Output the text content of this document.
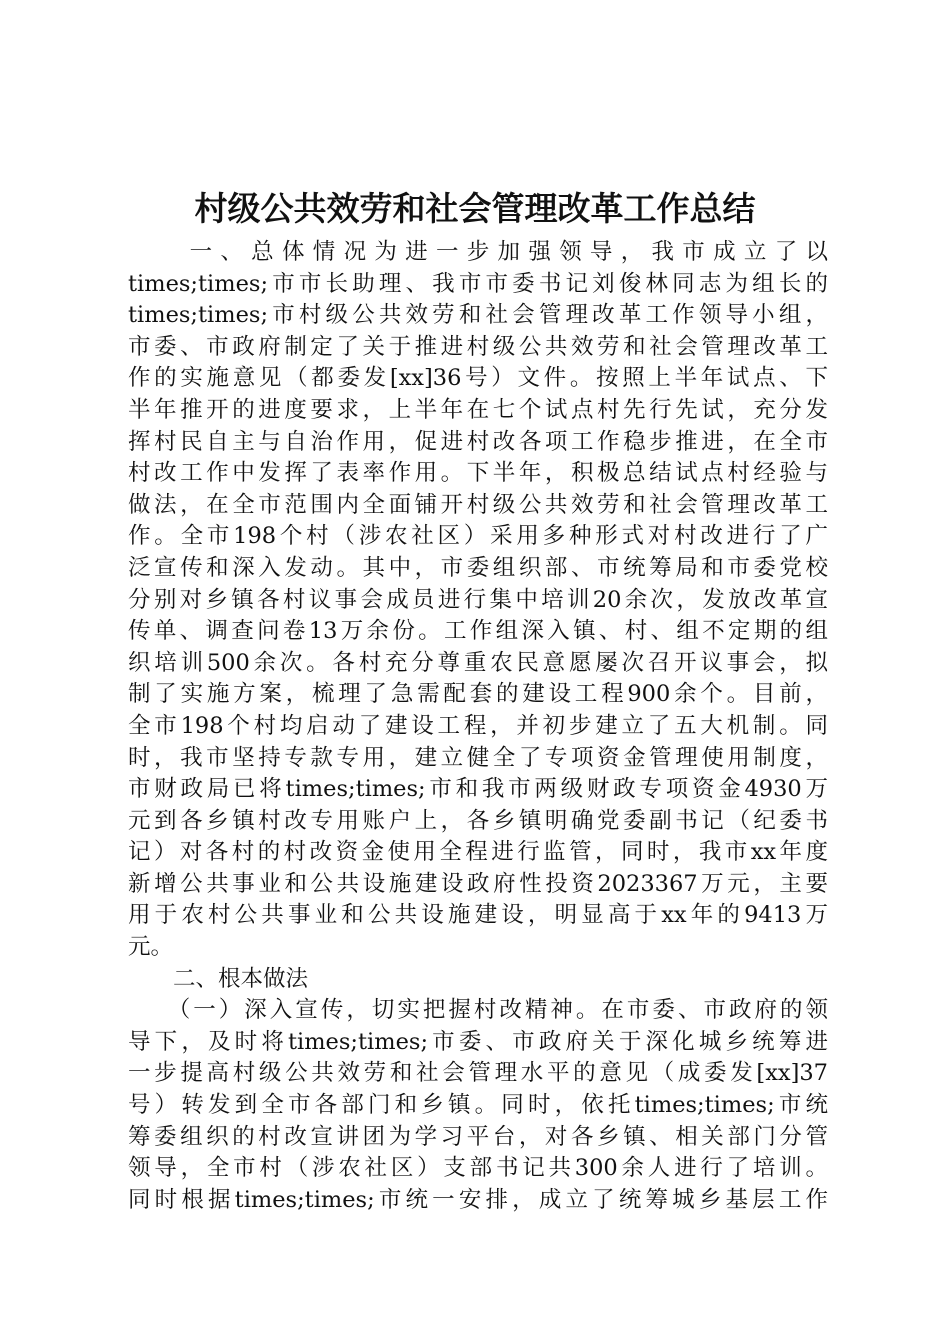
村级公共效劳和社会管理改革工作总结
　　一、总体情况为进一步加强领导，我市成立了以
times;times;市市长助理、我市市委书记刘俊林同志为组长的
times;times;市村级公共效劳和社会管理改革工作领导小组，
市委、市政府制定了关于推进村级公共效劳和社会管理改革工
作的实施意见（都委发[xx]36号）文件。按照上半年试点、下
半年推开的进度要求，上半年在七个试点村先行先试，充分发
挥村民自主与自治作用，促进村改各项工作稳步推进，在全市
村改工作中发挥了表率作用。下半年，积极总结试点村经验与
做法，在全市范围内全面铺开村级公共效劳和社会管理改革工
作。全市198个村（涉农社区）采用多种形式对村改进行了广
泛宣传和深入发动。其中，市委组织部、市统筹局和市委党校
分别对乡镇各村议事会成员进行集中培训20余次，发放改革宣
传单、调查问卷13万余份。工作组深入镇、村、组不定期的组
织培训500余次。各村充分尊重农民意愿屡次召开议事会，拟
制了实施方案，梳理了急需配套的建设工程900余个。目前，
全市198个村均启动了建设工程，并初步建立了五大机制。同
时，我市坚持专款专用，建立健全了专项资金管理使用制度，
市财政局已将times;times;市和我市两级财政专项资金4930万
元到各乡镇村改专用账户上，各乡镇明确党委副书记（纪委书
记）对各村的村改资金使用全程进行监管，同时，我市xx年度
新增公共事业和公共设施建设政府性投资2023367万元，主要
用于农村公共事业和公共设施建设，明显高于xx年的9413万
元。
　　二、根本做法
　　（一）深入宣传，切实把握村改精神。在市委、市政府的领
导下，及时将times;times;市委、市政府关于深化城乡统筹进
一步提高村级公共效劳和社会管理水平的意见（成委发[xx]37
号）转发到全市各部门和乡镇。同时，依托times;times;市统
筹委组织的村改宣讲团为学习平台，对各乡镇、相关部门分管
领导，全市村（涉农社区）支部书记共300余人进行了培训。
同时根据times;times;市统一安排，成立了统筹城乡基层工作
